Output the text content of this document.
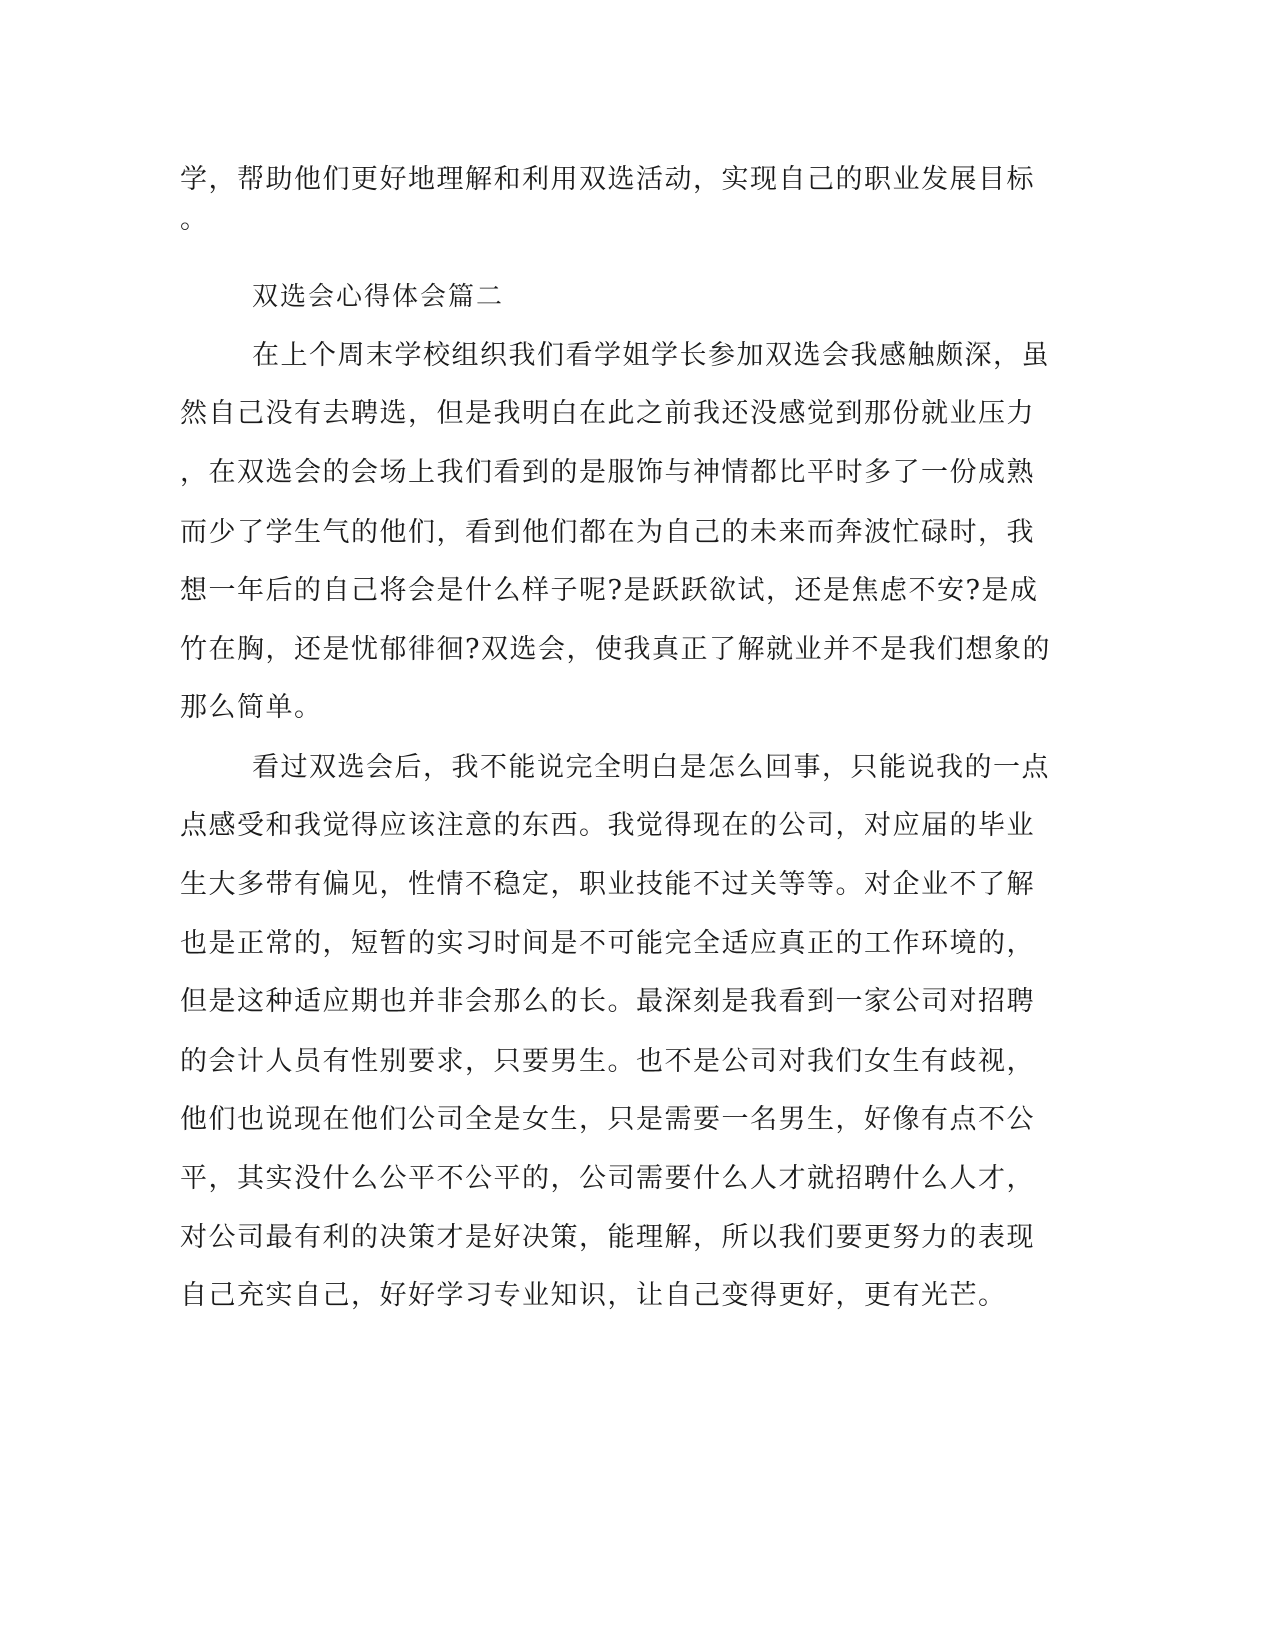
学，帮助他们更好地理解和利用双选活动，实现自己的职业发展目标
。
双选会心得体会篇二
在上个周末学校组织我们看学姐学长参加双选会我感触颇深，虽
然自己没有去聘选，但是我明白在此之前我还没感觉到那份就业压力
，在双选会的会场上我们看到的是服饰与神情都比平时多了一份成熟
而少了学生气的他们，看到他们都在为自己的未来而奔波忙碌时，我
想一年后的自己将会是什么样子呢?是跃跃欲试，还是焦虑不安?是成
竹在胸，还是忧郁徘徊?双选会，使我真正了解就业并不是我们想象的
那么简单。
看过双选会后，我不能说完全明白是怎么回事，只能说我的一点
点感受和我觉得应该注意的东西。我觉得现在的公司，对应届的毕业
生大多带有偏见，性情不稳定，职业技能不过关等等。对企业不了解
也是正常的，短暂的实习时间是不可能完全适应真正的工作环境的，
但是这种适应期也并非会那么的长。最深刻是我看到一家公司对招聘
的会计人员有性别要求，只要男生。也不是公司对我们女生有歧视，
他们也说现在他们公司全是女生，只是需要一名男生，好像有点不公
平，其实没什么公平不公平的，公司需要什么人才就招聘什么人才，
对公司最有利的决策才是好决策，能理解，所以我们要更努力的表现
自己充实自己，好好学习专业知识，让自己变得更好，更有光芒。
